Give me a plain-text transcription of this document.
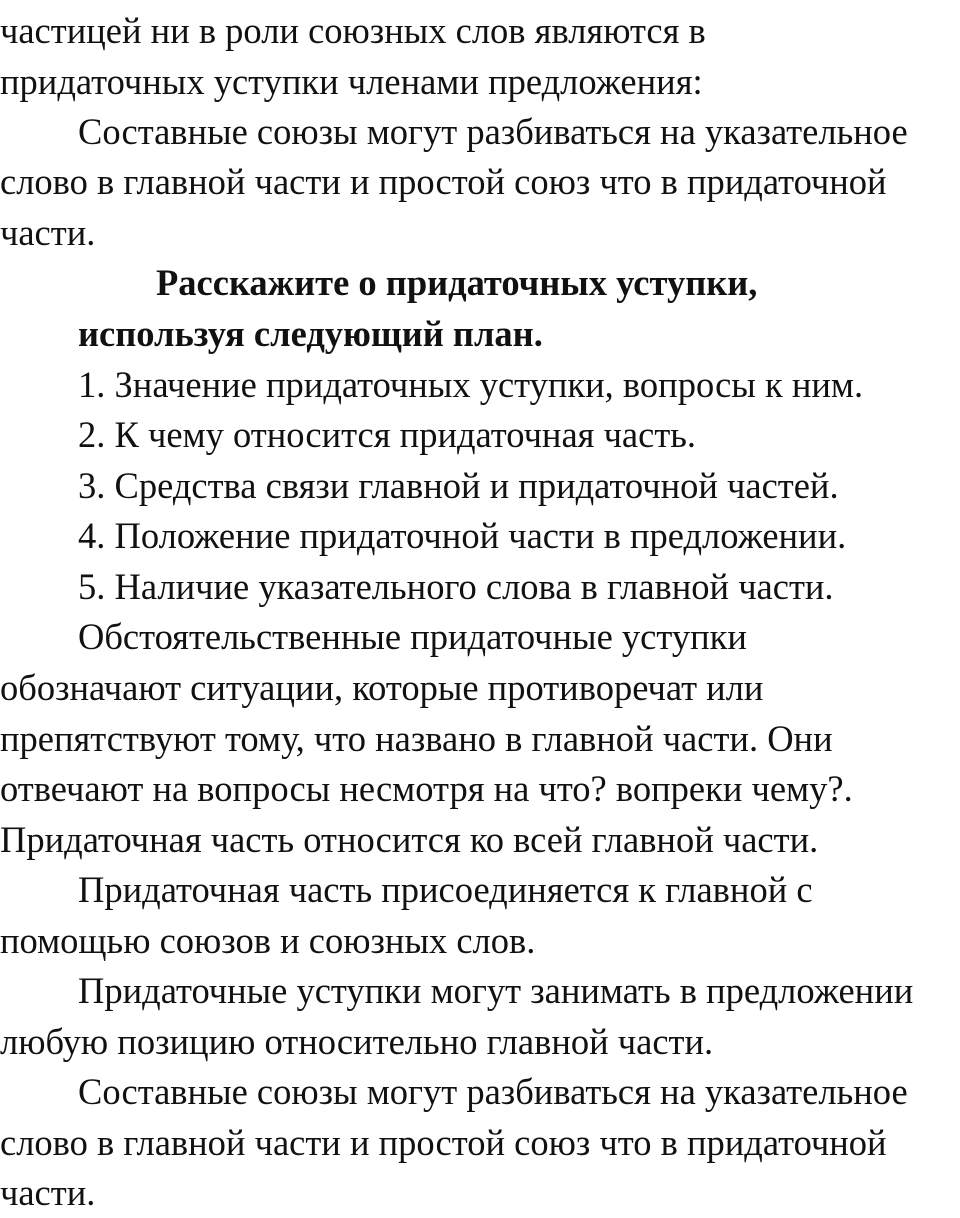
частицей ни в роли союзных слов являются в
придаточных уступки членами предложения:
Составные союзы могут разбиваться на указательное
слово в главной части и простой союз что в придаточной
части.
Расскажите о придаточных уступки,
используя следующий план.
1. Значение придаточных уступки, вопросы к ним.
2. К чему относится придаточная часть.
3. Средства связи главной и придаточной частей.
4. Положение придаточной части в предложении.
5. Наличие указательного слова в главной части.
Обстоятельственные придаточные уступки
обозначают ситуации, которые противоречат или
препятствуют тому, что названо в главной части. Они
отвечают на вопросы несмотря на что? вопреки чему?.
Придаточная часть относится ко всей главной части.
Придаточная часть присоединяется к главной с
помощью союзов и союзных слов.
Придаточные уступки могут занимать в предложении
любую позицию относительно главной части.
Составные союзы могут разбиваться на указательное
слово в главной части и простой союз что в придаточной
части.
